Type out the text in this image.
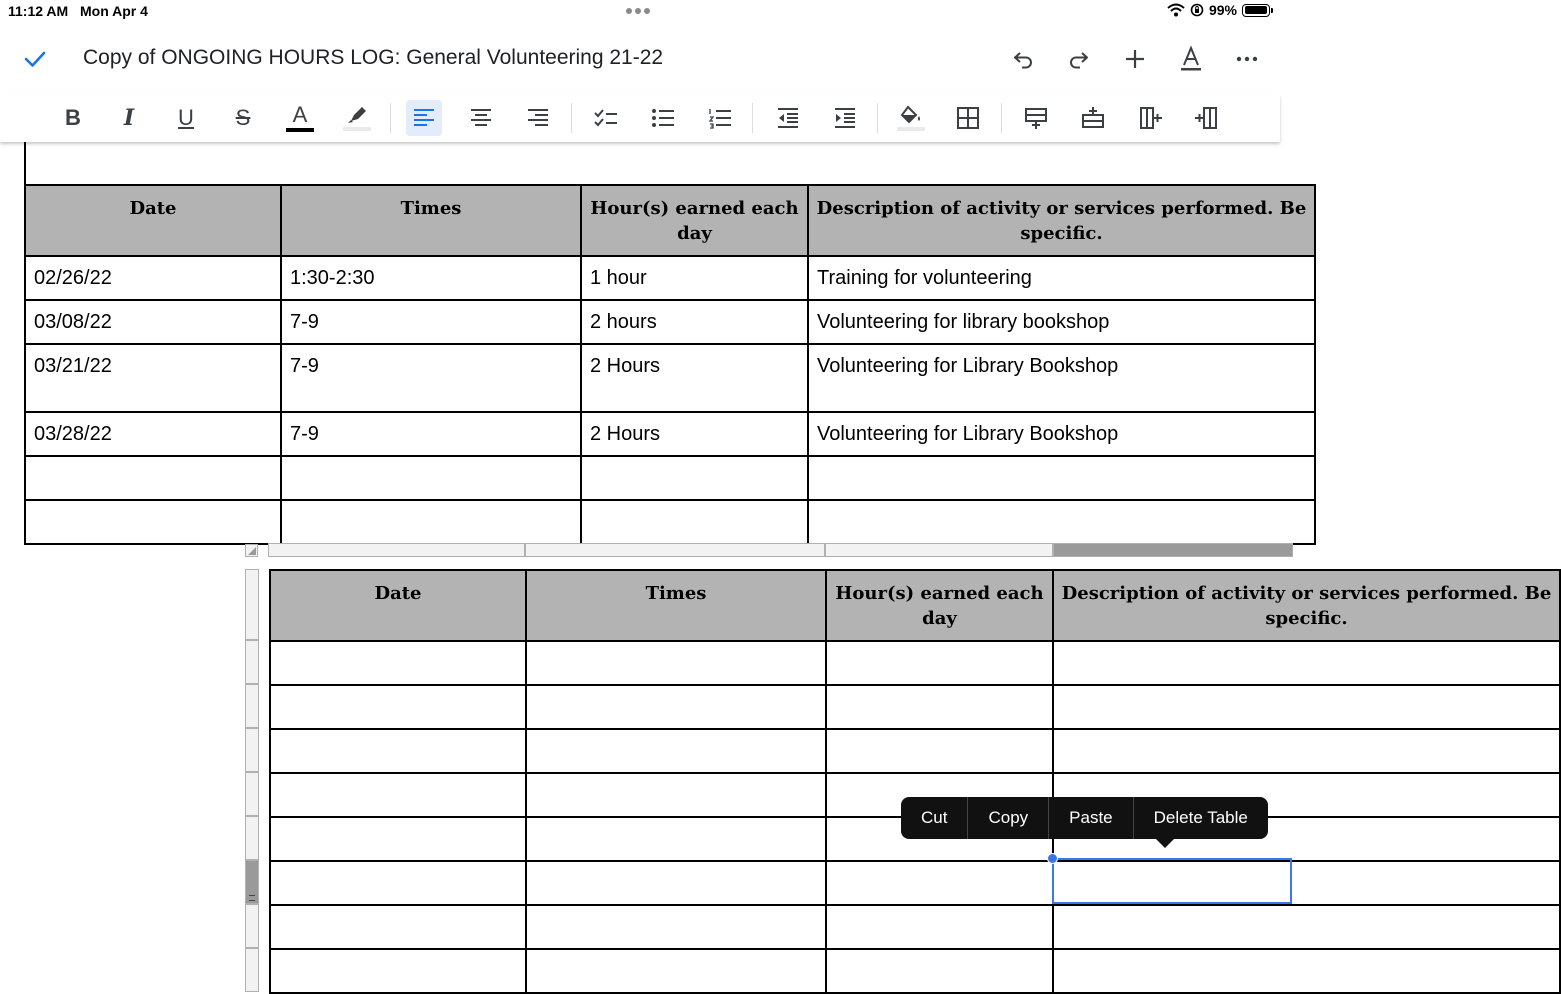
11:12 AM Mon Apr 4	99%
Copy of ONGOING HOURS LOG: General Volunteering 21-22
B I U S A
Date	Times	Hour(s) earned each day	Description of activity or services performed. Be specific.
02/26/22	1:30-2:30	1 hour	Training for volunteering
03/08/22	7-9	2 hours	Volunteering for library bookshop
03/21/22	7-9	2 Hours	Volunteering for Library Bookshop
03/28/22	7-9	2 Hours	Volunteering for Library Bookshop

Date	Times	Hour(s) earned each day	Description of activity or services performed. Be specific.

Cut	Copy	Paste	Delete Table
